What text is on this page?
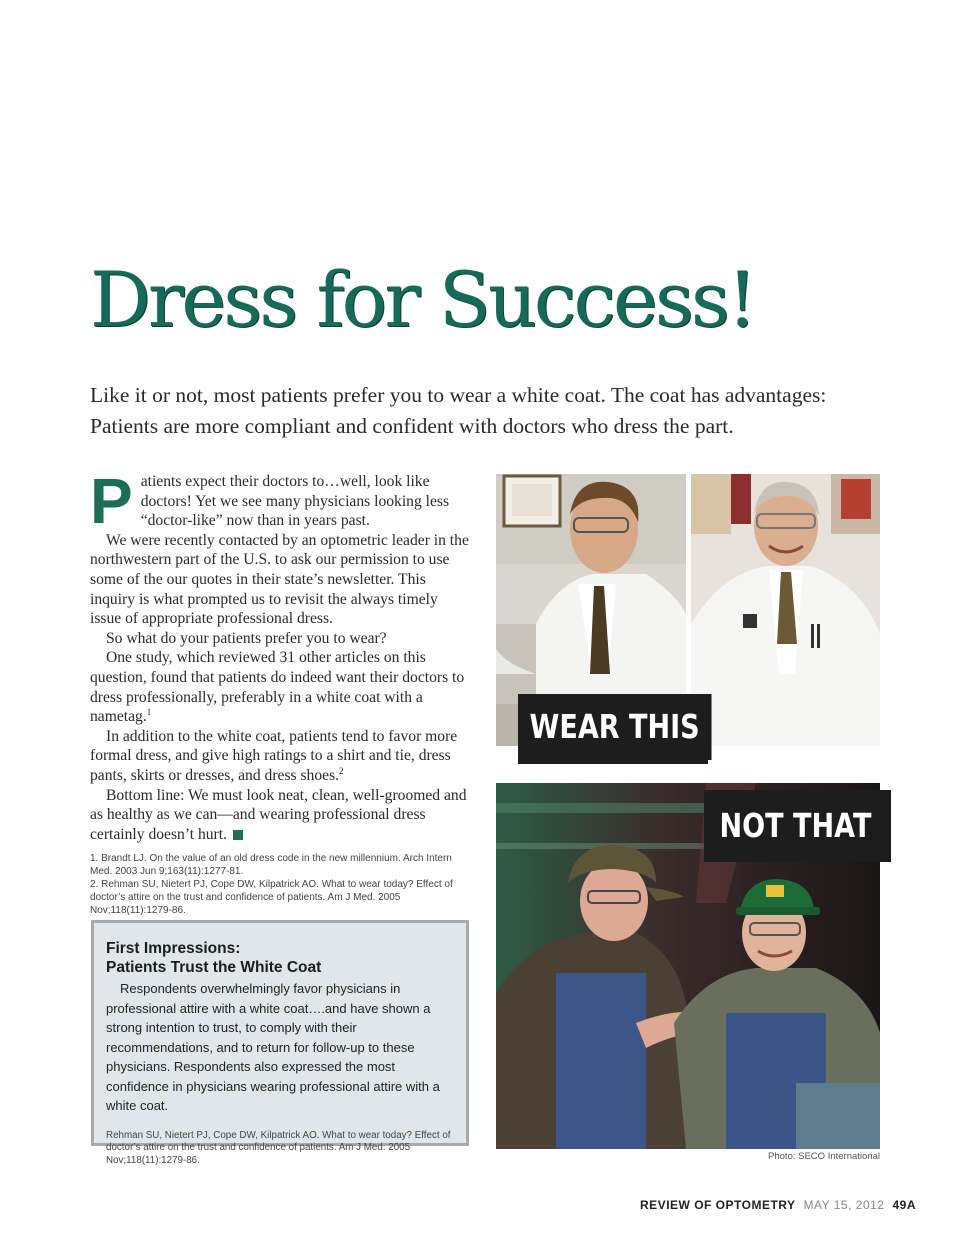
Dress for Success!

Like it or not, most patients prefer you to wear a white coat. The coat has advantages: Patients are more compliant and confident with doctors who dress the part.

Patients expect their doctors to…well, look like doctors! Yet we see many physicians looking less “doctor-like” now than in years past.

We were recently contacted by an optometric leader in the northwestern part of the U.S. to ask our permission to use some of the our quotes in their state’s newsletter. This inquiry is what prompted us to revisit the always timely issue of appropriate professional dress.

So what do your patients prefer you to wear?

One study, which reviewed 31 other articles on this question, found that patients do indeed want their doctors to dress professionally, preferably in a white coat with a nametag.$^1$

In addition to the white coat, patients tend to favor more formal dress, and give high ratings to a shirt and tie, dress pants, skirts or dresses, and dress shoes.$^2$

Bottom line: We must look neat, clean, well-groomed and as healthy as we can—and wearing professional dress certainly doesn’t hurt.

1. Brandt LJ. On the value of an old dress code in the new millennium. Arch Intern Med. 2003 Jun 9;163(11):1277-81.

2. Rehman SU, Nietert PJ, Cope DW, Kilpatrick AO. What to wear today? Effect of doctor’s attire on the trust and confidence of patients. Am J Med. 2005 Nov;118(11):1279-86.

First Impressions:
Patients Trust the White Coat

Respondents overwhelmingly favor physicians in professional attire with a white coat….and have shown a strong intention to trust, to comply with their recommendations, and to return for follow-up to these physicians. Respondents also expressed the most confidence in physicians wearing professional attire with a white coat.

Rehman SU, Nietert PJ, Cope DW, Kilpatrick AO. What to wear today? Effect of doctor’s attire on the trust and confidence of patients. Am J Med. 2005 Nov;118(11):1279-86.

WEAR THIS
NOT THAT
Photo: SECO International
REVIEW OF OPTOMETRY MAY 15, 2012 49A
